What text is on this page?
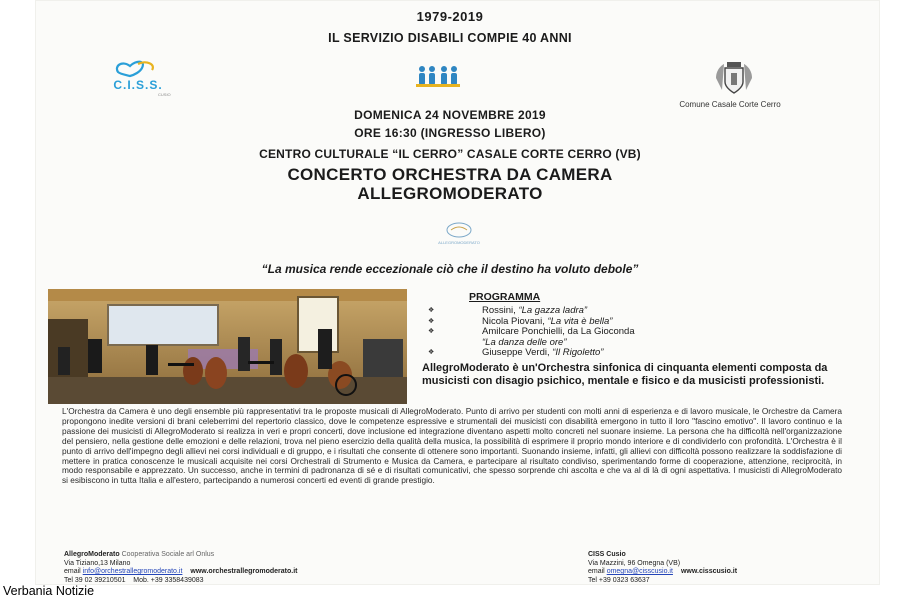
1979-2019
IL SERVIZIO DISABILI COMPIE 40 ANNI
C.I.S.S.
CUSIO
Comune Casale Corte Cerro
DOMENICA 24 NOVEMBRE 2019
ORE 16:30 (INGRESSO LIBERO)
CENTRO CULTURALE “IL CERRO” CASALE CORTE CERRO (VB)
CONCERTO ORCHESTRA DA CAMERA
ALLEGROMODERATO
ALLEGROMODERATO
“La musica rende eccezionale ciò che il destino ha voluto debole”
PROGRAMMA
❖	Rossini, “La gazza ladra”
❖	Nicola Piovani, “La vita è bella”
❖	Amilcare Ponchielli, da La Gioconda
“La danza delle ore”
❖	Giuseppe Verdi, “Il Rigoletto”
AllegroModerato è un'Orchestra sinfonica di cinquanta elementi composta da musicisti con disagio psichico, mentale e fisico e da musicisti professionisti.
L'Orchestra da Camera è uno degli ensemble più rappresentativi tra le proposte musicali di AllegroModerato. Punto di arrivo per studenti con molti anni di esperienza e di lavoro musicale, le Orchestre da Camera propongono inedite versioni di brani celeberrimi del repertorio classico, dove le competenze espressive e strumentali dei musicisti con disabilità emergono in tutto il loro "fascino emotivo". Il lavoro continuo e la passione dei musicisti di AllegroModerato si realizza in veri e propri concerti, dove inclusione ed integrazione diventano aspetti molto concreti nel suonare insieme. La persona che ha difficoltà nell'organizzazione del pensiero, nella gestione delle emozioni e delle relazioni, trova nel pieno esercizio della qualità della musica, la possibilità di esprimere il proprio mondo interiore e di condividerlo con profondità. L'Orchestra è il punto di arrivo dell'impegno degli allievi nei corsi individuali e di gruppo, e i risultati che consente di ottenere sono importanti. Suonando insieme, infatti, gli allievi con difficoltà possono realizzare la soddisfazione di mettere in pratica conoscenze le musicali acquisite nei corsi Orchestrali di Strumento e Musica da Camera, e partecipare al risultato condiviso, sperimentando forme di cooperazione, attenzione, reciprocità, in modo responsabile e apprezzato. Un successo, anche in termini di padronanza di sé e di risultati comunicativi, che spesso sorprende chi ascolta e che va al di là di ogni aspettativa. I musicisti di AllegroModerato si esibiscono in tutta Italia e all'estero, partecipando a numerosi concerti ed eventi di grande prestigio.
AllegroModerato Cooperativa Sociale arl Onlus
Via Tiziano,13 Milano
email info@orchestrallegromoderato.it www.orchestrallegromoderato.it
Tel 39 02 39210501 Mob. +39 3358439083
CISS Cusio
Via Mazzini, 96 Omegna (VB)
email omegna@cisscusio.it www.cisscusio.it
Tel +39 0323 63637
Verbania Notizie
